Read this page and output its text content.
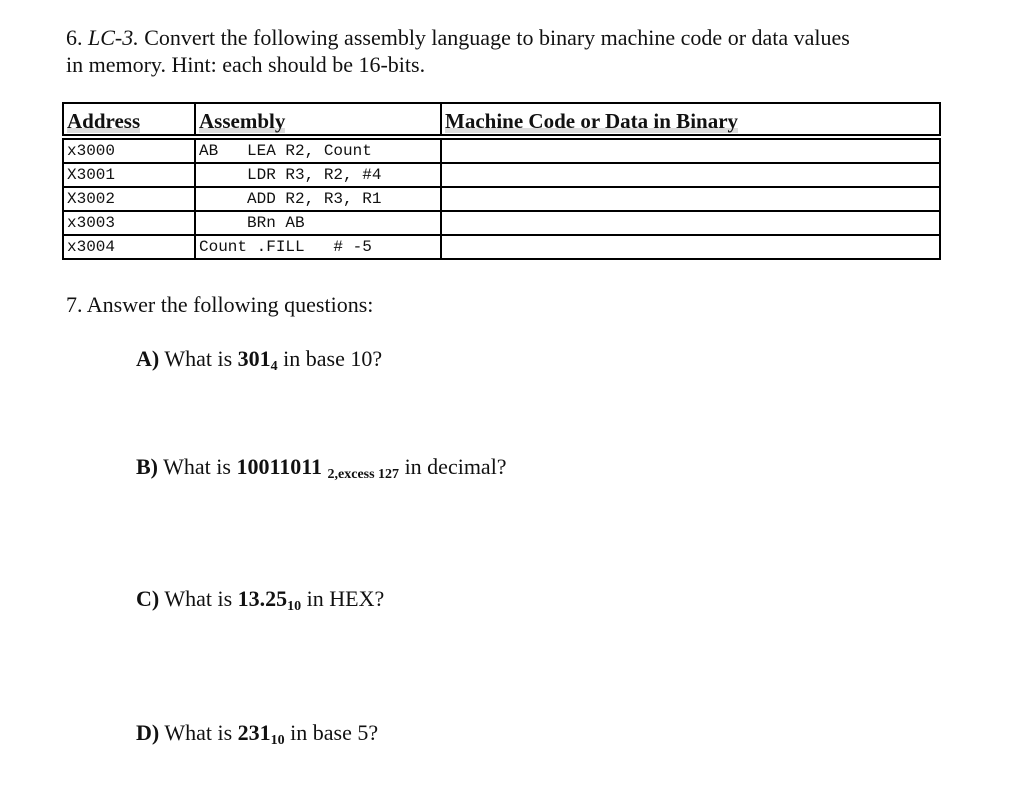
6. LC-3. Convert the following assembly language to binary machine code or data values
in memory. Hint: each should be 16-bits.
Address	Assembly	Machine Code or Data in Binary
x3000	AB   LEA R2, Count	
X3001	LDR R3, R2, #4	
X3002	ADD R2, R3, R1	
x3003	BRn AB	
x3004	Count .FILL   # -5	
7. Answer the following questions:
A) What is $301_4$ in base 10?
B) What is 10011011 2,excess 127 in decimal?
C) What is $13.25_{10}$ in HEX?
D) What is $231_{10}$ in base 5?
